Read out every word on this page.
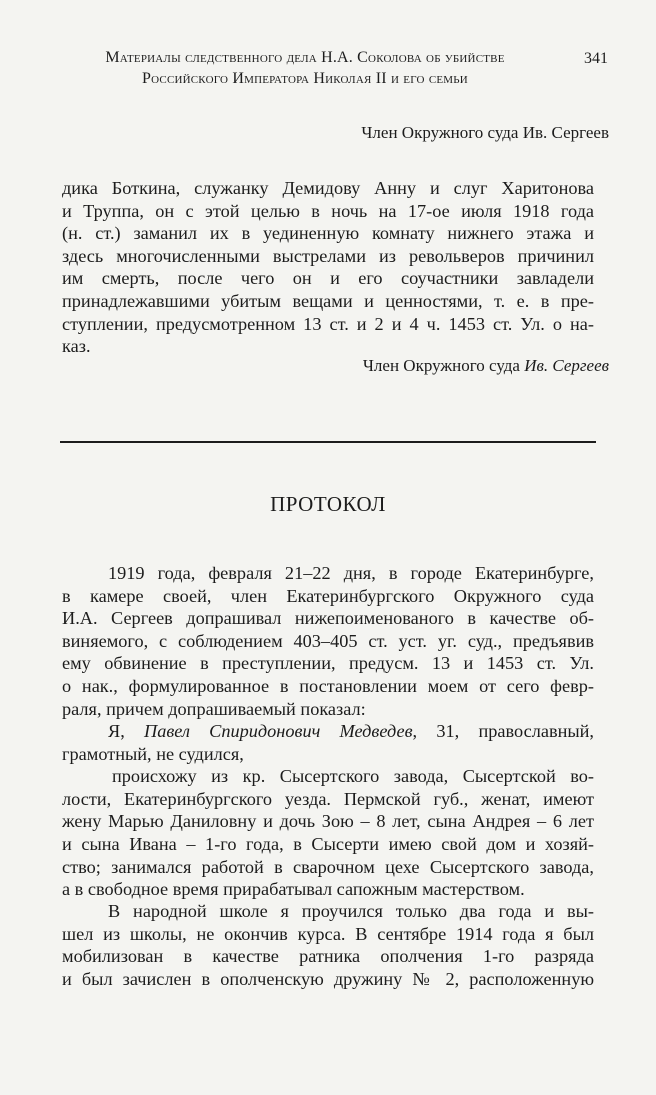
Материалы следственного дела Н.А. Соколова об убийстве
Российского Императора Николая II и его семьи
341
Член Окружного суда Ив. Сергеев
дика Боткина, служанку Демидову Анну и слуг Харитонова
и Труппа, он с этой целью в ночь на 17-ое июля 1918 года
(н. ст.) заманил их в уединенную комнату нижнего этажа и
здесь многочисленными выстрелами из револьверов причинил
им смерть, после чего он и его соучастники завладели
принадлежавшими убитым вещами и ценностями, т. е. в пре-
ступлении, предусмотренном 13 ст. и 2 и 4 ч. 1453 ст. Ул. о на-
каз.
Член Окружного суда Ив. Сергеев
ПРОТОКОЛ
1919 года, февраля 21–22 дня, в городе Екатеринбурге,
в камере своей, член Екатеринбургского Окружного суда
И.А. Сергеев допрашивал нижепоименованого в качестве об-
виняемого, с соблюдением 403–405 ст. уст. уг. суд., предъявив
ему обвинение в преступлении, предусм. 13 и 1453 ст. Ул.
о нак., формулированное в постановлении моем от сего февр-
раля, причем допрашиваемый показал:
Я, Павел Спиридонович Медведев, 31, православный,
грамотный, не судился,
происхожу из кр. Сысертского завода, Сысертской во-
лости, Екатеринбургского уезда. Пермской губ., женат, имеют
жену Марью Даниловну и дочь Зою – 8 лет, сына Андрея – 6 лет
и сына Ивана – 1-го года, в Сысерти имею свой дом и хозяй-
ство; занимался работой в сварочном цехе Сысертского завода,
а в свободное время прирабатывал сапожным мастерством.
В народной школе я проучился только два года и вы-
шел из школы, не окончив курса. В сентябре 1914 года я был
мобилизован в качестве ратника ополчения 1-го разряда
и был зачислен в ополченскую дружину № 2, расположенную
